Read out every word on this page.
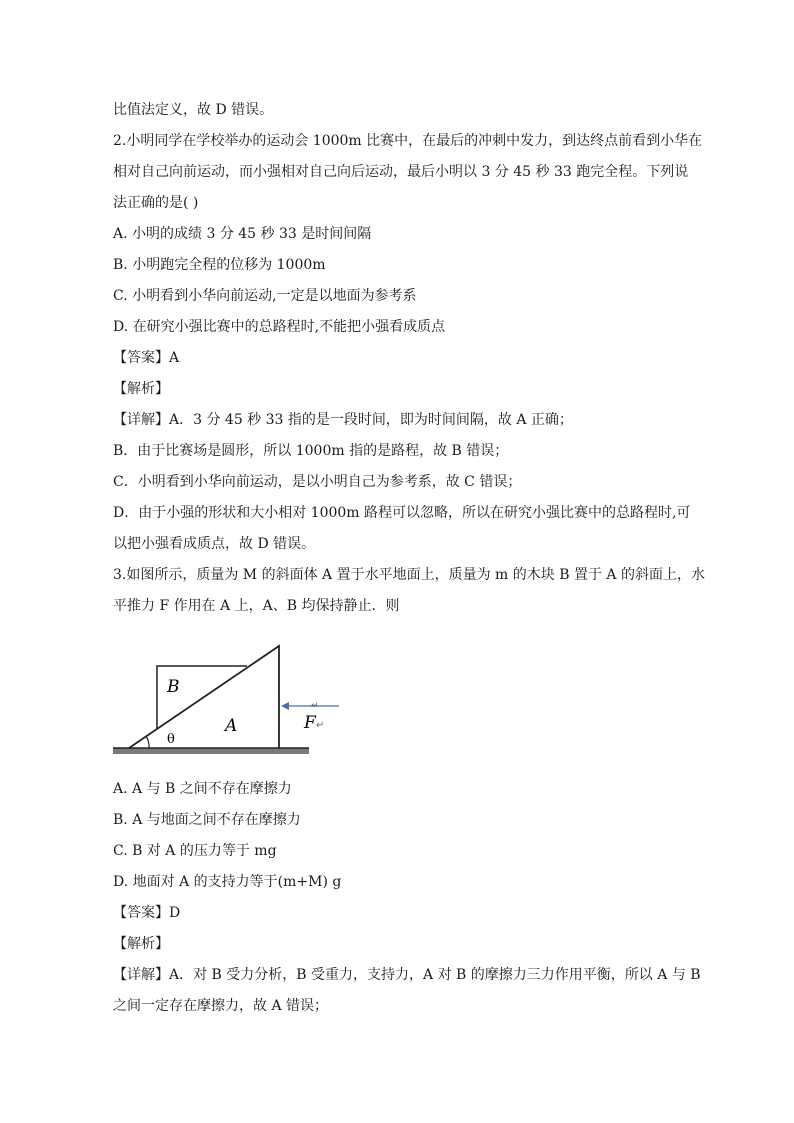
比值法定义，故 D 错误。
2.小明同学在学校举办的运动会 1000m 比赛中，在最后的冲刺中发力，到达终点前看到小华在
相对自己向前运动，而小强相对自己向后运动，最后小明以 3 分 45 秒 33 跑完全程。下列说
法正确的是( )
A. 小明的成绩 3 分 45 秒 33 是时间间隔
B. 小明跑完全程的位移为 1000m
C. 小明看到小华向前运动,一定是以地面为参考系
D. 在研究小强比赛中的总路程时,不能把小强看成质点
【答案】A
【解析】
【详解】A．3 分 45 秒 33 指的是一段时间，即为时间间隔，故 A 正确；
B．由于比赛场是圆形，所以 1000m 指的是路程，故 B 错误；
C．小明看到小华向前运动，是以小明自己为参考系，故 C 错误；
D．由于小强的形状和大小相对 1000m 路程可以忽略，所以在研究小强比赛中的总路程时,可
以把小强看成质点，故 D 错误。
3.如图所示，质量为 M 的斜面体 A 置于水平地面上，质量为 m 的木块 B 置于 A 的斜面上，水
平推力 F 作用在 A 上，A、B 均保持静止．则
A. A 与 B 之间不存在摩擦力
B. A 与地面之间不存在摩擦力
C. B 对 A 的压力等于 mg
D. 地面对 A 的支持力等于(m+M) g
【答案】D
【解析】
【详解】A．对 B 受力分析，B 受重力，支持力，A 对 B 的摩擦力三力作用平衡，所以 A 与 B
之间一定存在摩擦力，故 A 错误；
B
A
θ
F ↵
↵
